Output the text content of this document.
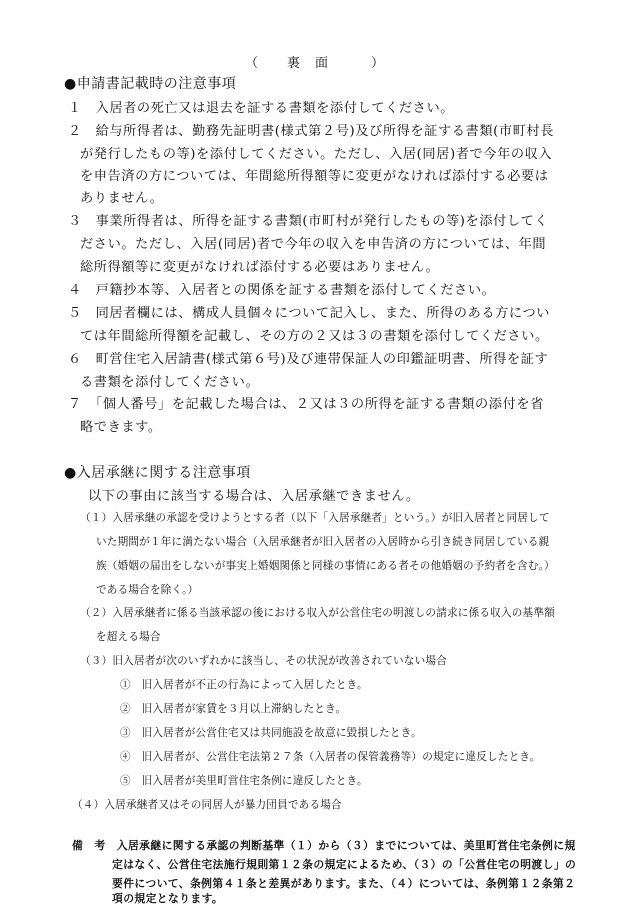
（　　裏　面　　　）
●申請書記載時の注意事項
１　入居者の死亡又は退去を証する書類を添付してください。
２　給与所得者は、勤務先証明書(様式第２号)及び所得を証する書類(市町村長
が発行したもの等)を添付してください。ただし、入居(同居)者で今年の収入
を申告済の方については、年間総所得額等に変更がなければ添付する必要は
ありません。
３　事業所得者は、所得を証する書類(市町村が発行したもの等)を添付してく
ださい。ただし、入居(同居)者で今年の収入を申告済の方については、年間
総所得額等に変更がなければ添付する必要はありません。
４　戸籍抄本等、入居者との関係を証する書類を添付してください。
５　同居者欄には、構成人員個々について記入し、また、所得のある方につい
ては年間総所得額を記載し、その方の２又は３の書類を添付してください。
６　町営住宅入居請書(様式第６号)及び連帯保証人の印鑑証明書、所得を証す
る書類を添付してください。
７　「個人番号」を記載した場合は、２又は３の所得を証する書類の添付を省
略できます。
●入居承継に関する注意事項
以下の事由に該当する場合は、入居承継できません。
（１）入居承継の承認を受けようとする者（以下「入居承継者」という。）が旧入居者と同居して
いた期間が１年に満たない場合（入居承継者が旧入居者の入居時から引き続き同居している親
族（婚姻の届出をしないが事実上婚姻関係と同様の事情にある者その他婚姻の予約者を含む。）
である場合を除く。）
（２）入居承継者に係る当該承認の後における収入が公営住宅の明渡しの請求に係る収入の基準額
を超える場合
（３）旧入居者が次のいずれかに該当し、その状況が改善されていない場合
①　旧入居者が不正の行為によって入居したとき。
②　旧入居者が家賃を３月以上滞納したとき。
③　旧入居者が公営住宅又は共同施設を故意に毀損したとき。
④　旧入居者が、公営住宅法第２７条（入居者の保管義務等）の規定に違反したとき。
⑤　旧入居者が美里町営住宅条例に違反したとき。
（４）入居承継者又はその同居人が暴力団員である場合
備　考　入居承継に関する承認の判断基準（１）から（３）までについては、美里町営住宅条例に規
定はなく、公営住宅法施行規則第１２条の規定によるため、（３）の「公営住宅の明渡し」の
要件について、条例第４１条と差異があります。また、（４）については、条例第１２条第２
項の規定となります。
